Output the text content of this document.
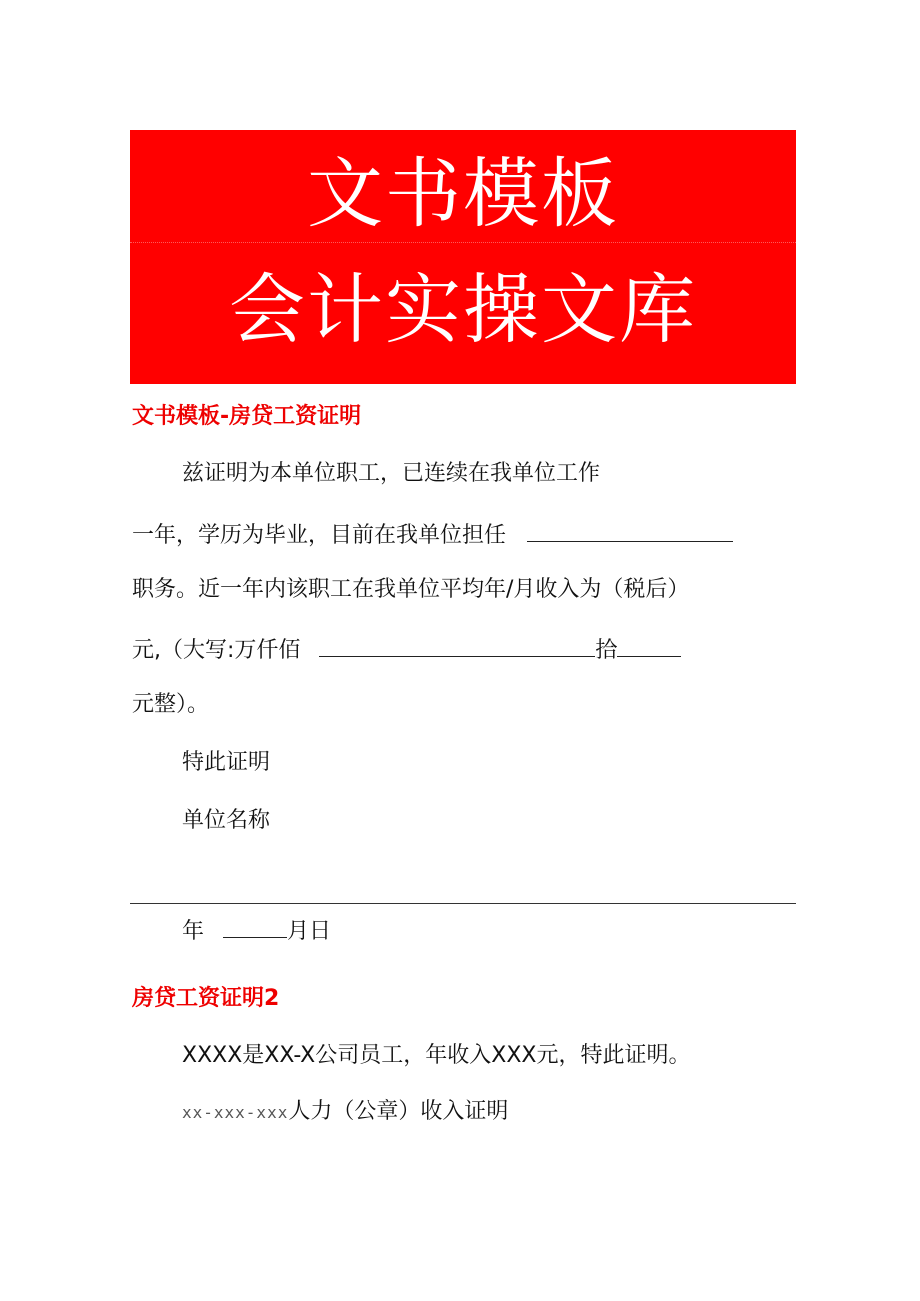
文书模板
会计实操文库
文书模板-房贷工资证明
兹证明为本单位职工，已连续在我单位工作
一年，学历为毕业，目前在我单位担任
职务。近一年内该职工在我单位平均年/月收入为（税后）
元,（大写:万仟佰	拾
元整）。
特此证明
单位名称
年	月日
房贷工资证明2
XXXX是XX-X公司员工，年收入XXX元，特此证明。
xx-xxx-xxx人力（公章）收入证明
